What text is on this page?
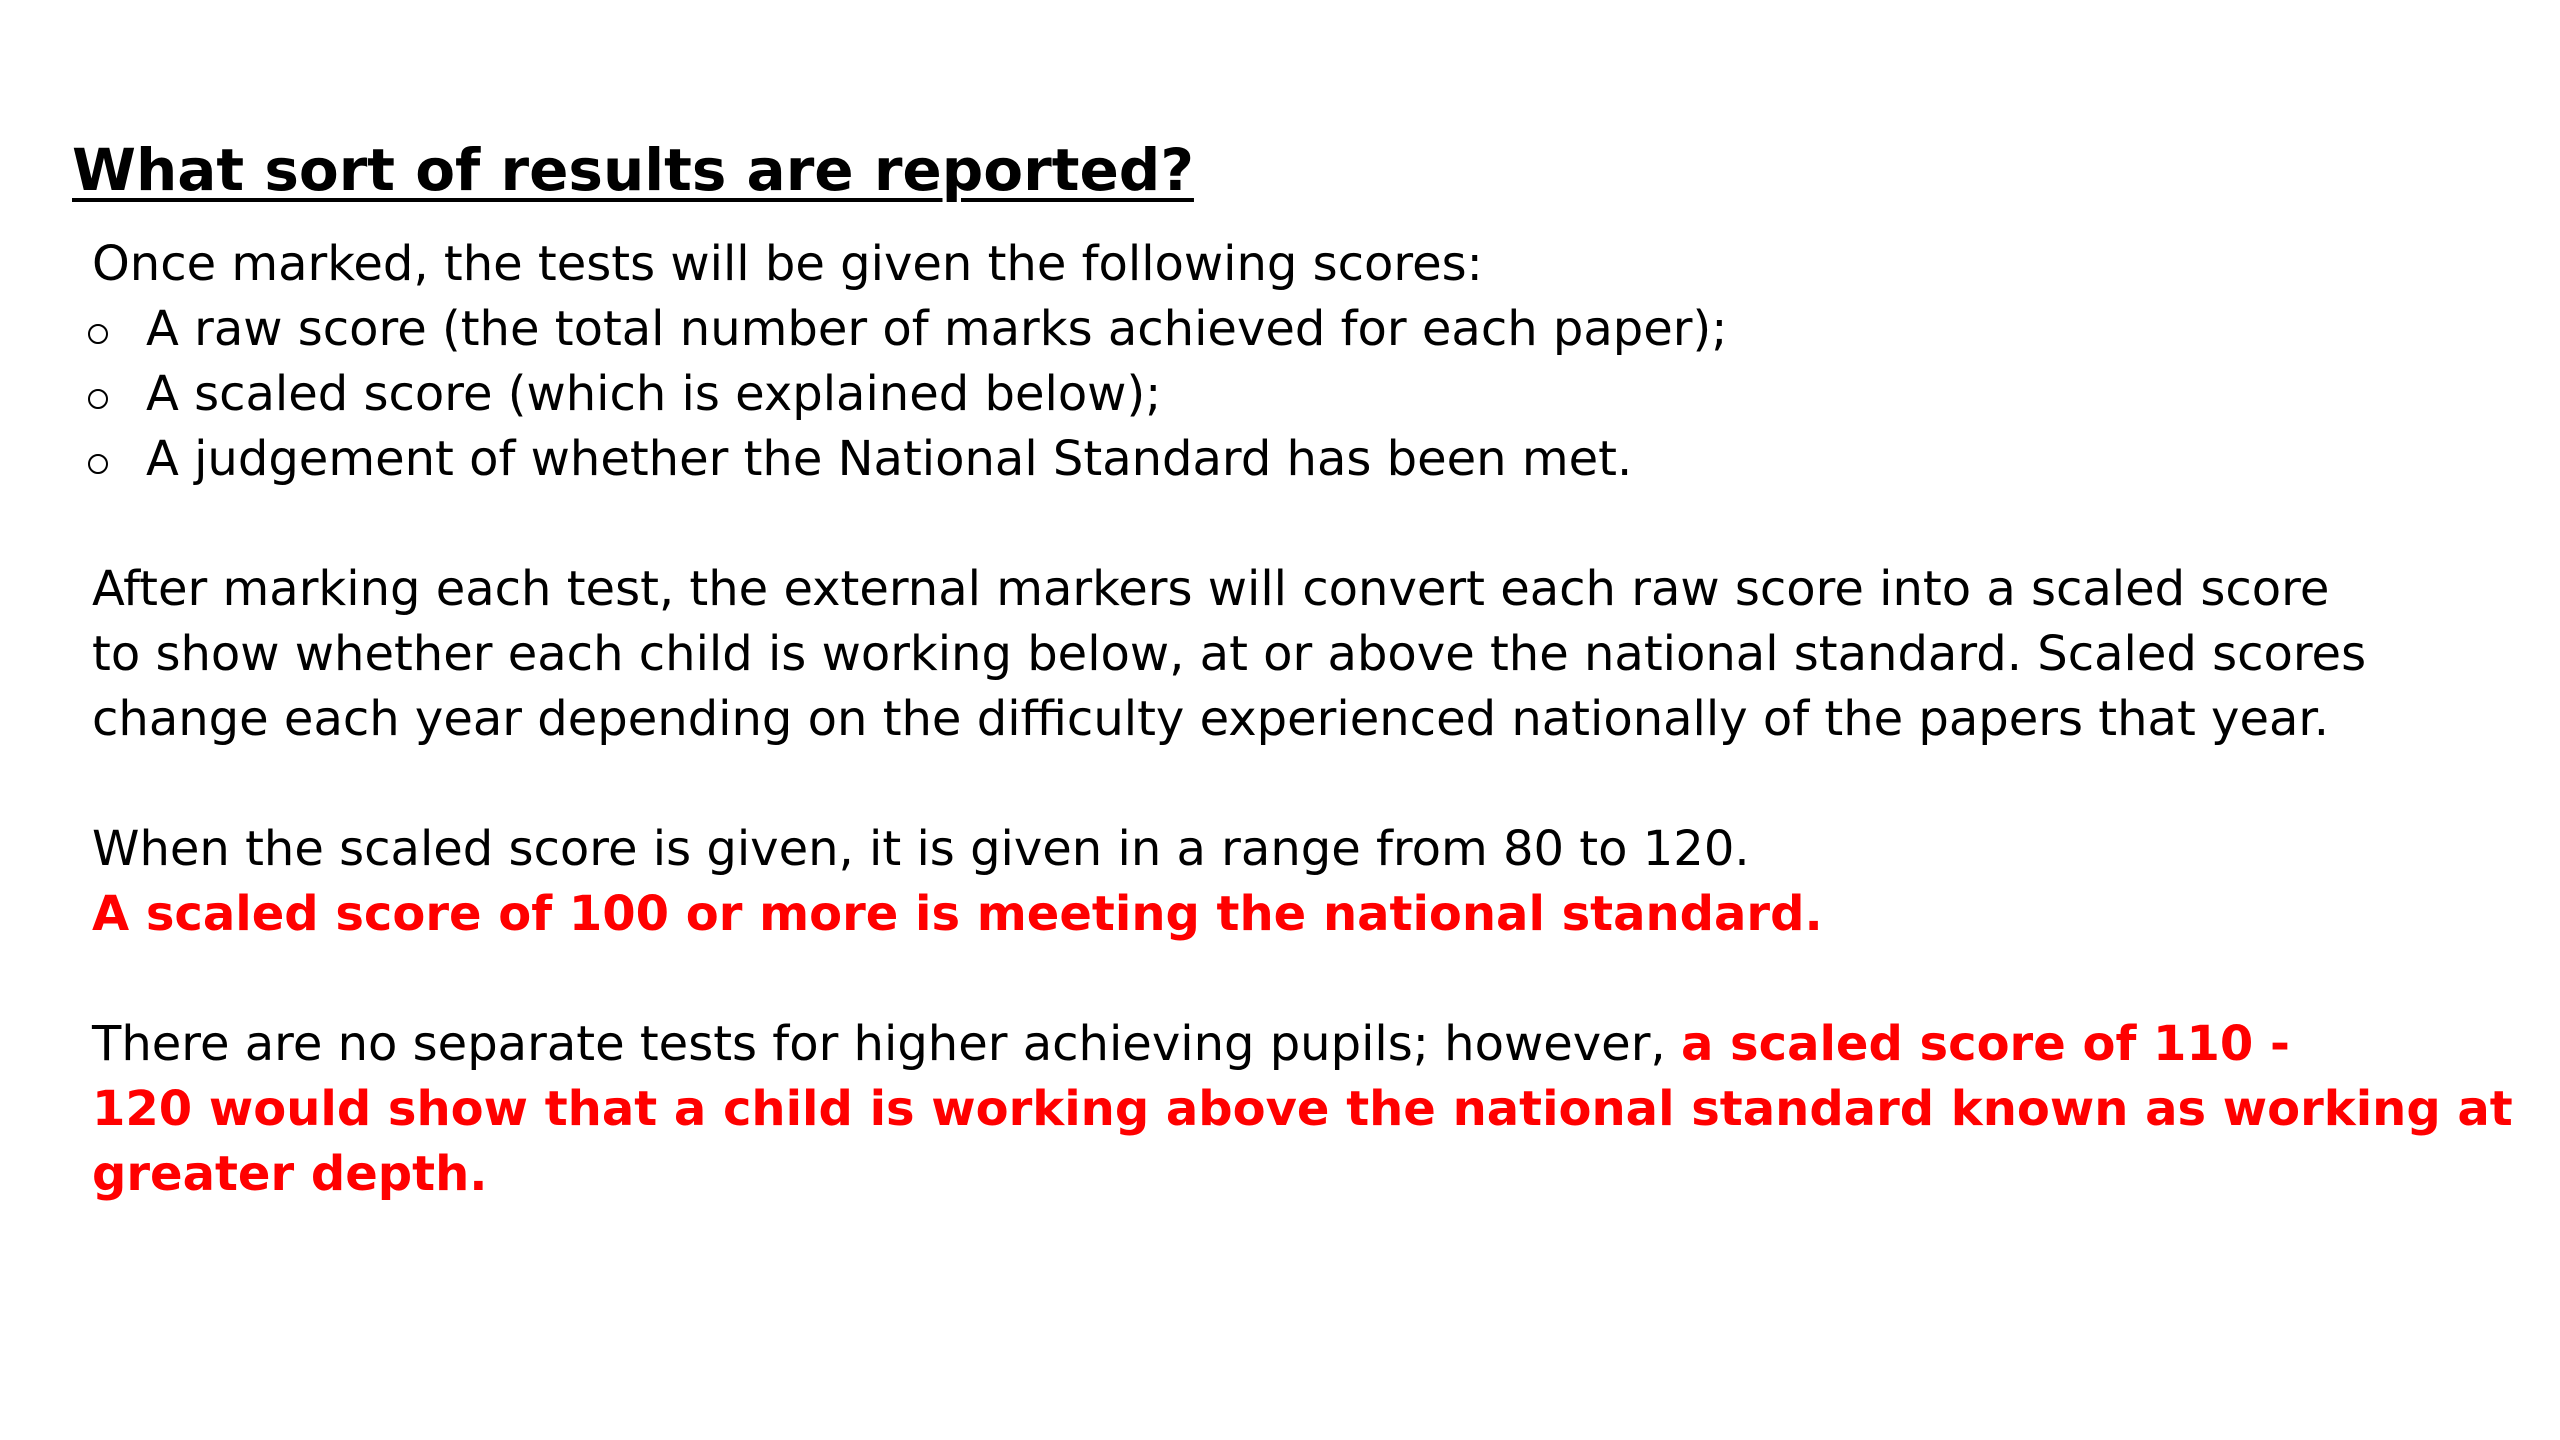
What sort of results are reported?

Once marked, the tests will be given the following scores:

A raw score (the total number of marks achieved for each paper);
A scaled score (which is explained below);
A judgement of whether the National Standard has been met.

After marking each test, the external markers will convert each raw score into a scaled score
to show whether each child is working below, at or above the national standard. Scaled scores
change each year depending on the difficulty experienced nationally of the papers that year.

When the scaled score is given, it is given in a range from 80 to 120.
A scaled score of 100 or more is meeting the national standard.

There are no separate tests for higher achieving pupils; however, a scaled score of 110 -
120 would show that a child is working above the national standard known as working at
greater depth.
